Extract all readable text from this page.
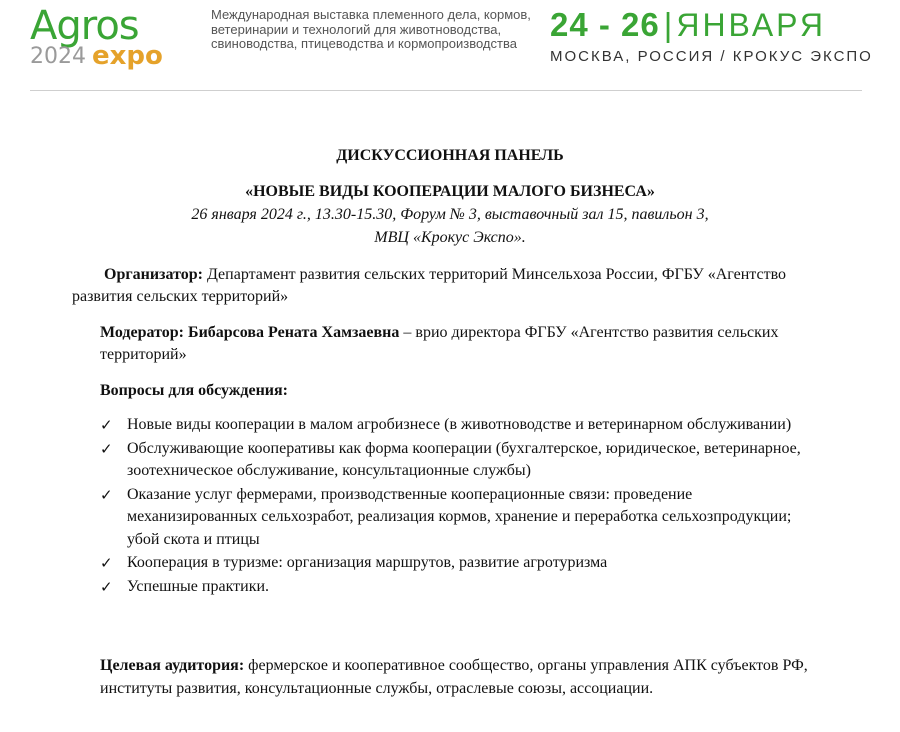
Agros
2024 expo
Международная выставка племенного дела, кормов, ветеринарии и технологий для животноводства, свиноводства, птицеводства и кормопроизводства
24 - 26 | ЯНВАРЯ
МОСКВА, РОССИЯ / КРОКУС ЭКСПО
ДИСКУССИОННАЯ ПАНЕЛЬ
«НОВЫЕ ВИДЫ КООПЕРАЦИИ МАЛОГО БИЗНЕСА»
26 января 2024 г., 13.30-15.30, Форум № 3, выставочный зал 15, павильон 3,
МВЦ «Крокус Экспо».
Организатор: Департамент развития сельских территорий Минсельхоза России, ФГБУ «Агентство развития сельских территорий»
Модератор: Бибарсова Рената Хамзаевна – врио директора ФГБУ «Агентство развития сельских территорий»
Вопросы для обсуждения:
✓ Новые виды кооперации в малом агробизнесе (в животноводстве и ветеринарном обслуживании)
✓ Обслуживающие кооперативы как форма кооперации (бухгалтерское, юридическое, ветеринарное, зоотехническое обслуживание, консультационные службы)
✓ Оказание услуг фермерами, производственные кооперационные связи: проведение механизированных сельхозработ, реализация кормов, хранение и переработка сельхозпродукции; убой скота и птицы
✓ Кооперация в туризме: организация маршрутов, развитие агротуризма
✓ Успешные практики.
Целевая аудитория: фермерское и кооперативное сообщество, органы управления АПК субъектов РФ, институты развития, консультационные службы, отраслевые союзы, ассоциации.
